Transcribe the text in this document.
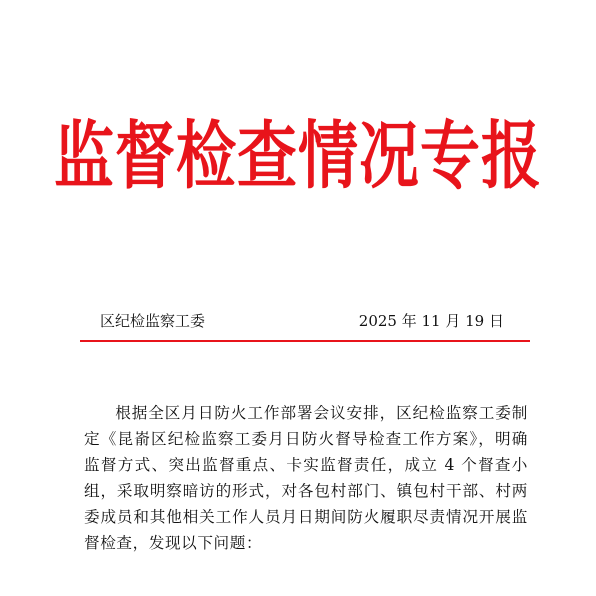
监督检查情况专报
区纪检监察工委	2025 年 11 月 19 日

根据全区月日防火工作部署会议安排，区纪检监察工委制定《昆嵛区纪检监察工委月日防火督导检查工作方案》，明确监督方式、突出监督重点、卡实监督责任，成立 4 个督查小组，采取明察暗访的形式，对各包村部门、镇包村干部、村两委成员和其他相关工作人员月日期间防火履职尽责情况开展监督检查，发现以下问题：
